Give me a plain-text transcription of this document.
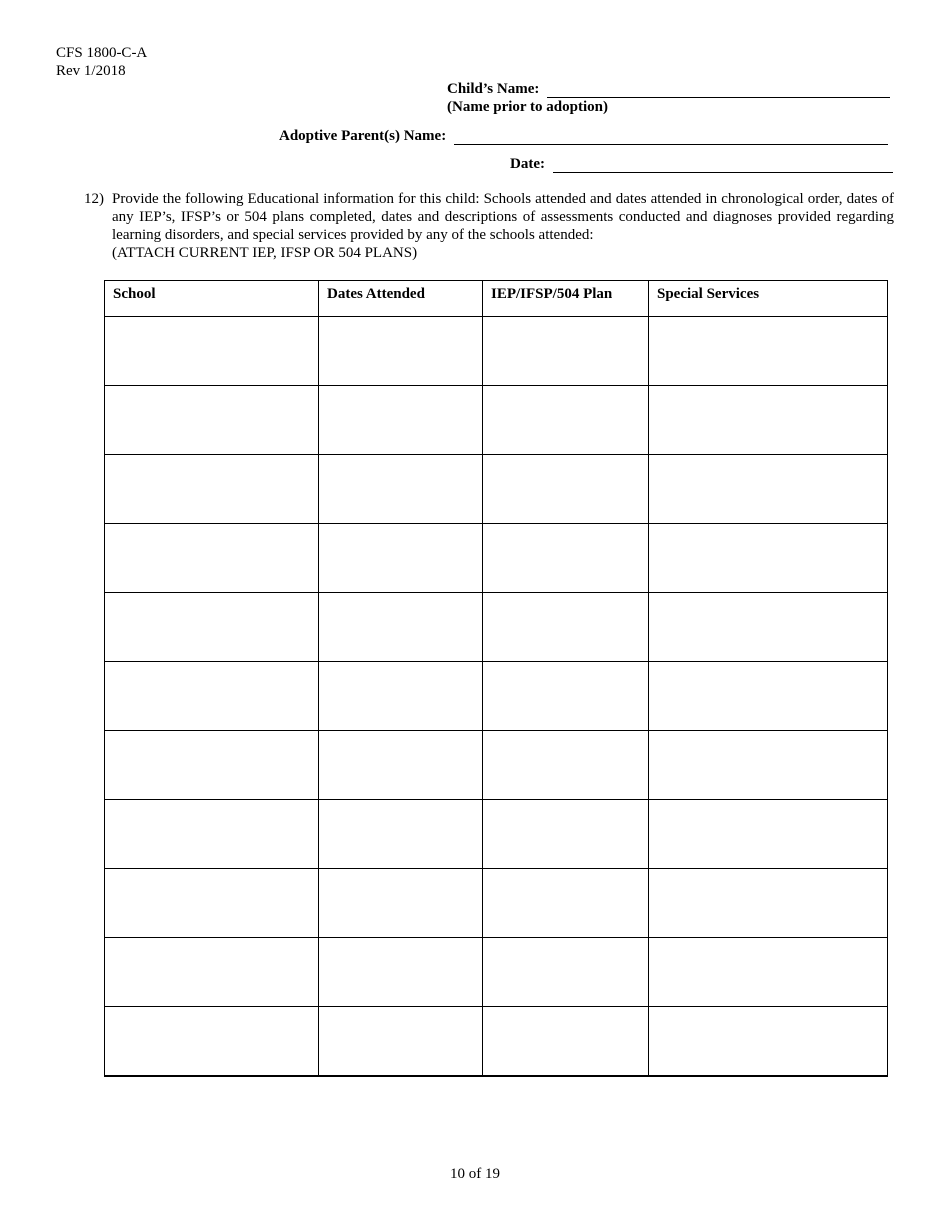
CFS 1800-C-A
Rev 1/2018
Child’s Name:
(Name prior to adoption)
Adoptive Parent(s) Name:
Date:
12) Provide the following Educational information for this child: Schools attended and dates attended in chronological order, dates of any IEP’s, IFSP’s or 504 plans completed, dates and descriptions of assessments conducted and diagnoses provided regarding learning disorders, and special services provided by any of the schools attended:
(ATTACH CURRENT IEP, IFSP OR 504 PLANS)
School	Dates Attended	IEP/IFSP/504 Plan	Special Services

10 of 19
